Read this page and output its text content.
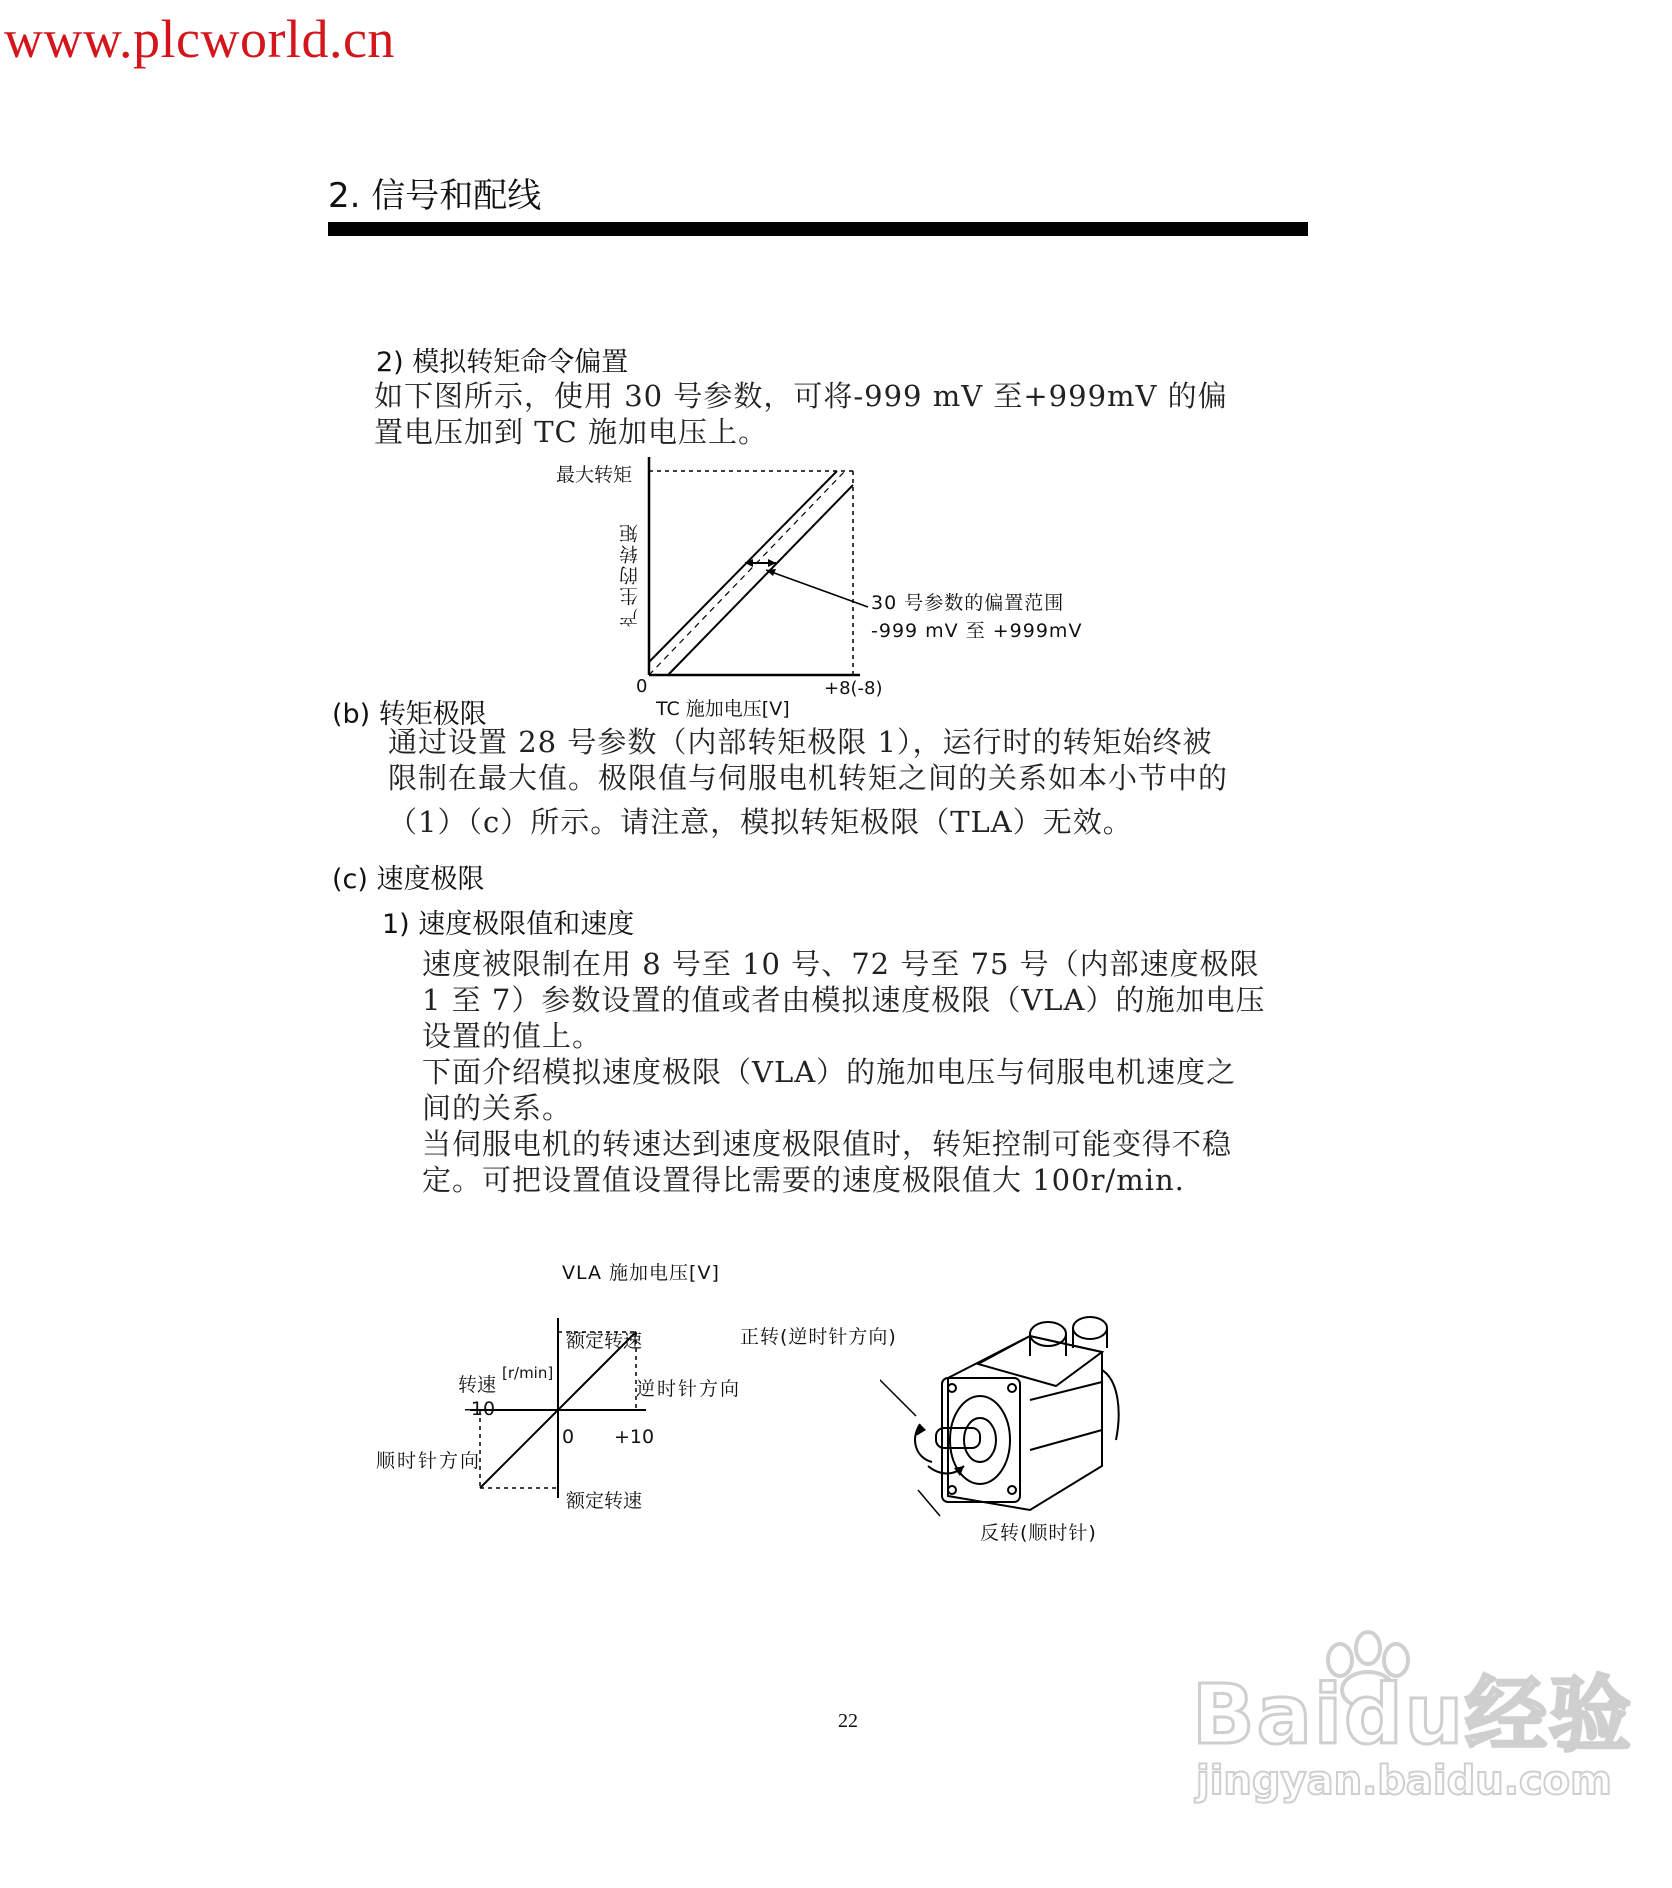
www.plcworld.cn
2. 信号和配线
2) 模拟转矩命令偏置
如下图所示，使用 30 号参数，可将-999 mV 至+999mV 的偏
置电压加到 TC 施加电压上。
最大转矩
产生的转矩
0
TC 施加电压[V]
+8(-8)
30 号参数的偏置范围
-999 mV 至 +999mV
(b) 转矩极限
通过设置 28 号参数（内部转矩极限 1），运行时的转矩始终被
限制在最大值。极限值与伺服电机转矩之间的关系如本小节中的
（1）（c）所示。请注意，模拟转矩极限（TLA）无效。
(c) 速度极限
1) 速度极限值和速度
速度被限制在用 8 号至 10 号、72 号至 75 号（内部速度极限
1 至 7）参数设置的值或者由模拟速度极限（VLA）的施加电压
设置的值上。
下面介绍模拟速度极限（VLA）的施加电压与伺服电机速度之
间的关系。
当伺服电机的转速达到速度极限值时，转矩控制可能变得不稳
定。可把设置值设置得比需要的速度极限值大 100r/min.
VLA 施加电压[V]
额定转速
转速
[r/min]
-10
逆时针方向
0 +10
顺时针方向
额定转速
正转(逆时针方向)
反转(顺时针)
22	Baidu经验
jingyan.baidu.com
